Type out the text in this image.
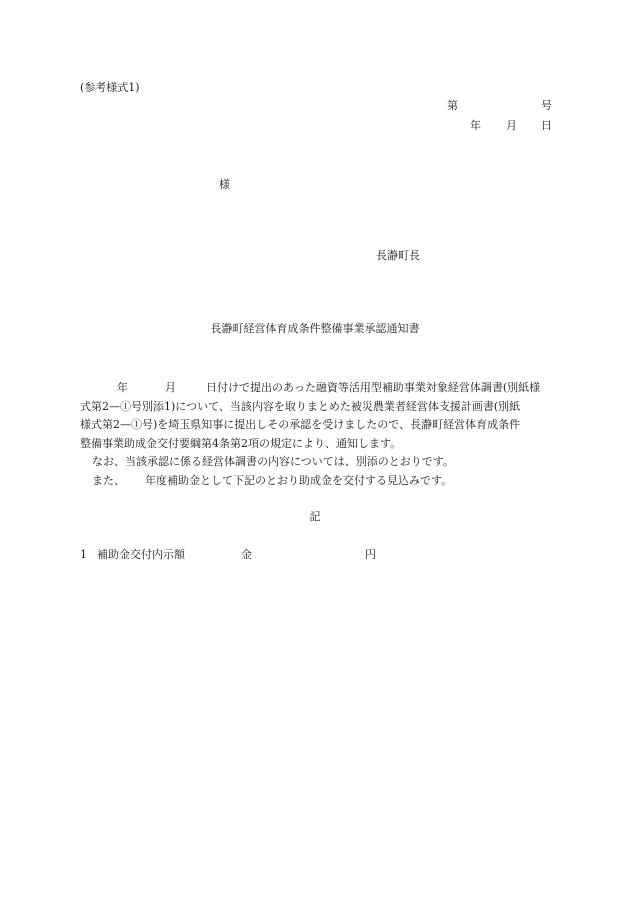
(参考様式1)
第	号
年 月 日
様
長瀞町長
長瀞町経営体育成条件整備事業承認通知書
年	月	日付けで提出のあった融資等活用型補助事業対象経営体調書(別紙様
式第2—①号別添1)について、当該内容を取りまとめた被災農業者経営体支援計画書(別紙
様式第2—①号)を埼玉県知事に提出しその承認を受けましたので、長瀞町経営体育成条件
整備事業助成金交付要綱第4条第2項の規定により、通知します。
なお、当該承認に係る経営体調書の内容については、別添のとおりです。
また、 年度補助金として下記のとおり助成金を交付する見込みです。
記
1 補助金交付内示額	金	円
